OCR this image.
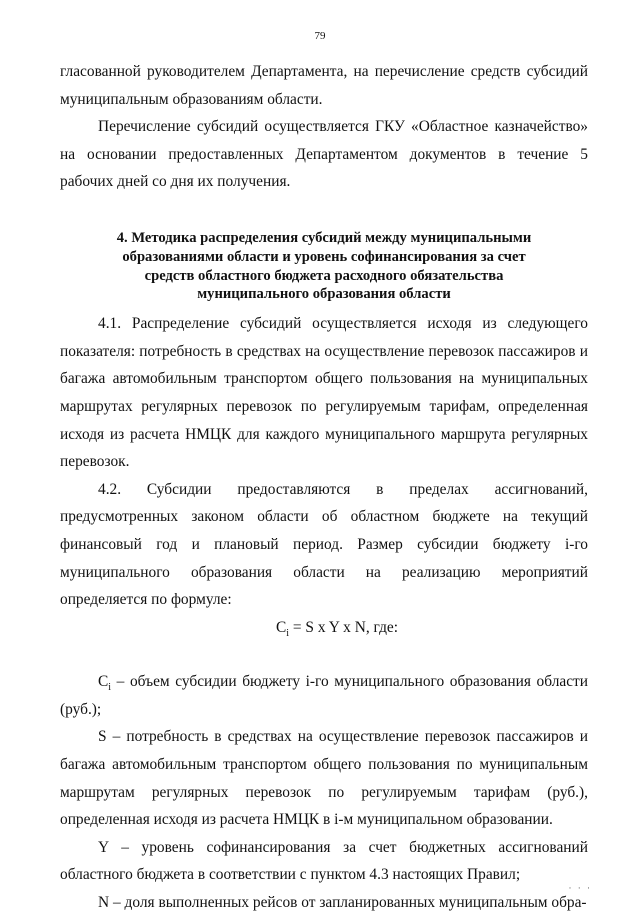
79

гласованной руководителем Департамента, на перечисление средств субсидий муниципальным образованиям области.

Перечисление субсидий осуществляется ГКУ «Областное казначейство» на основании предоставленных Департаментом документов в течение 5 рабочих дней со дня их получения.

4. Методика распределения субсидий между муниципальными
образованиями области и уровень софинансирования за счет
средств областного бюджета расходного обязательства
муниципального образования области

4.1. Распределение субсидий осуществляется исходя из следующего показателя: потребность в средствах на осуществление перевозок пассажиров и багажа автомобильным транспортом общего пользования на муниципальных маршрутах регулярных перевозок по регулируемым тарифам, определенная исходя из расчета НМЦК для каждого муниципального маршрута регулярных перевозок.

4.2. Субсидии предоставляются в пределах ассигнований, предусмотренных законом области об областном бюджете на текущий финансовый год и плановый период. Размер субсидии бюджету i-го муниципального образования области на реализацию мероприятий определяется по формуле:

$C_i = S$ x Y x N, где:

$C_i$ – объем субсидии бюджету i-го муниципального образования области (руб.);

S – потребность в средствах на осуществление перевозок пассажиров и багажа автомобильным транспортом общего пользования по муниципальным маршрутам регулярных перевозок по регулируемым тарифам (руб.), определенная исходя из расчета НМЦК в i-м муниципальном образовании.

Y – уровень софинансирования за счет бюджетных ассигнований областного бюджета в соответствии с пунктом 4.3 настоящих Правил;

N – доля выполненных рейсов от запланированных муниципальным обра-

· · ·
